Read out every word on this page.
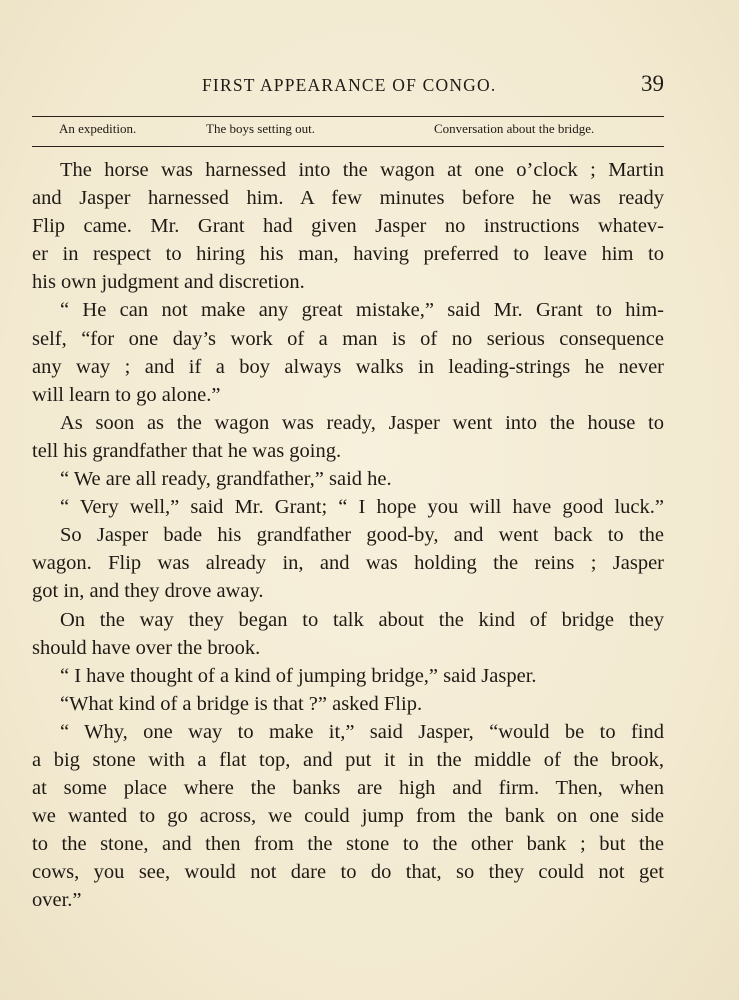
FIRST APPEARANCE OF CONGO.	39
An expedition.	The boys setting out.	Conversation about the bridge.
The horse was harnessed into the wagon at one o’clock ; Martin
and Jasper harnessed him. A few minutes before he was ready
Flip came. Mr. Grant had given Jasper no instructions whatev-
er in respect to hiring his man, having preferred to leave him to
his own judgment and discretion.
“ He can not make any great mistake,” said Mr. Grant to him-
self, “for one day’s work of a man is of no serious consequence
any way ; and if a boy always walks in leading-strings he never
will learn to go alone.”
As soon as the wagon was ready, Jasper went into the house to
tell his grandfather that he was going.
“ We are all ready, grandfather,” said he.
“ Very well,” said Mr. Grant; “ I hope you will have good luck.”
So Jasper bade his grandfather good-by, and went back to the
wagon. Flip was already in, and was holding the reins ; Jasper
got in, and they drove away.
On the way they began to talk about the kind of bridge they
should have over the brook.
“ I have thought of a kind of jumping bridge,” said Jasper.
“What kind of a bridge is that ?” asked Flip.
“ Why, one way to make it,” said Jasper, “would be to find
a big stone with a flat top, and put it in the middle of the brook,
at some place where the banks are high and firm. Then, when
we wanted to go across, we could jump from the bank on one side
to the stone, and then from the stone to the other bank ; but the
cows, you see, would not dare to do that, so they could not get
over.”
